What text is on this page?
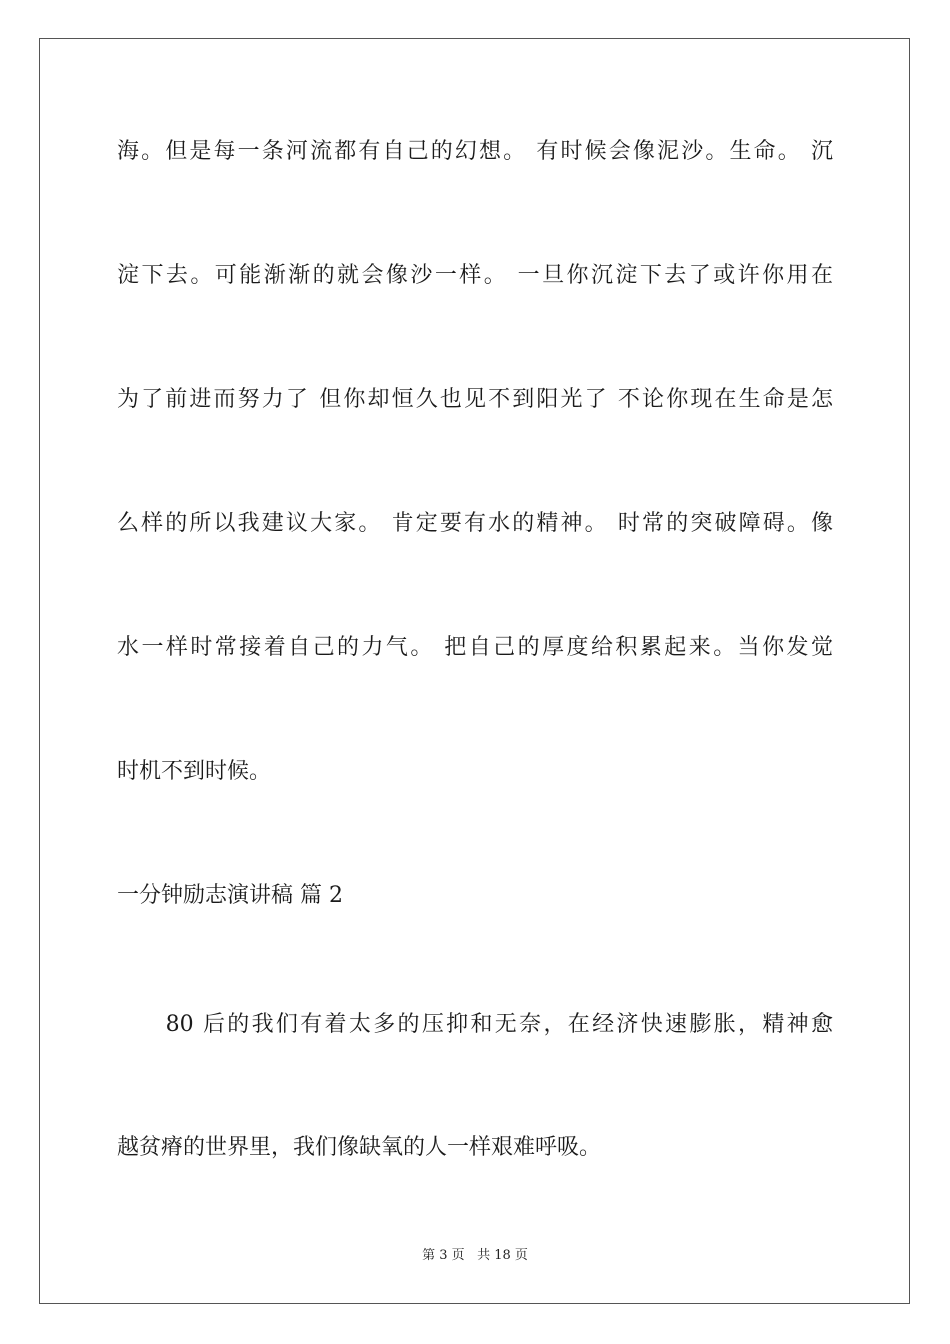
海。但是每一条河流都有自己的幻想。 有时候会像泥沙。生命。 沉
淀下去。可能渐渐的就会像沙一样。 一旦你沉淀下去了或许你用在
为了前进而努力了 但你却恒久也见不到阳光了 不论你现在生命是怎
么样的所以我建议大家。 肯定要有水的精神。 时常的突破障碍。像
水一样时常接着自己的力气。 把自己的厚度给积累起来。当你发觉
时机不到时候。
一分钟励志演讲稿 篇 2
　　80 后的我们有着太多的压抑和无奈，在经济快速膨胀，精神愈
越贫瘠的世界里，我们像缺氧的人一样艰难呼吸。
第 3 页 共 18 页
